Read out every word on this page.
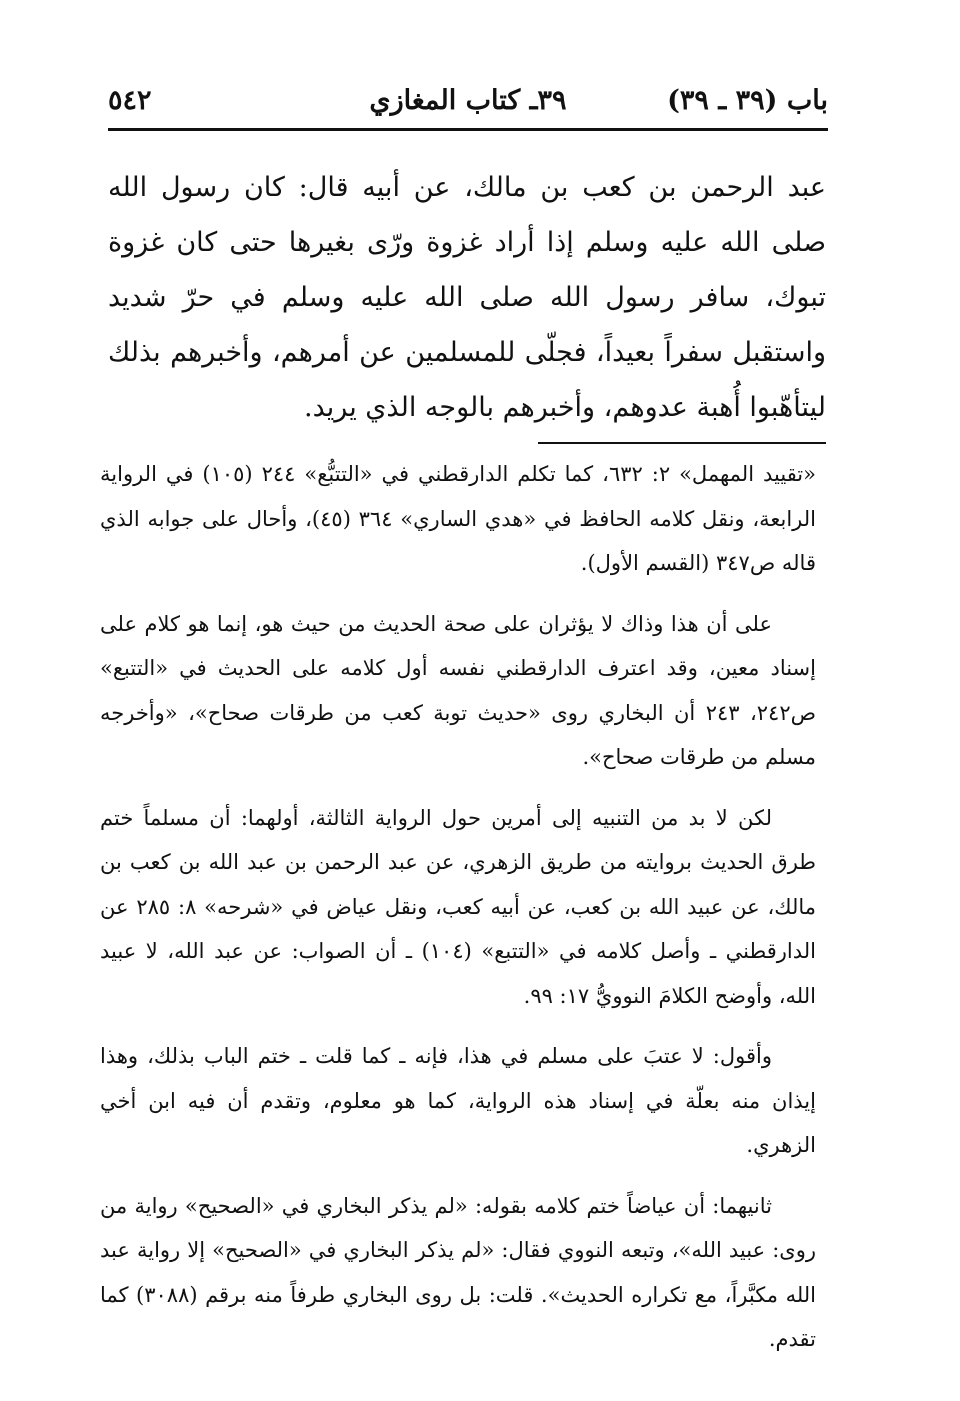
باب (٣٩ ـ ٣٩)
٣٩ـ كتاب المغازي
٥٤٢

عبد الرحمن بن كعب بن مالك، عن أبيه قال: كان رسول الله صلى الله عليه وسلم إذا أراد غزوة ورّى بغيرها حتى كان غزوة تبوك، سافر رسول الله صلى الله عليه وسلم في حرّ شديد واستقبل سفراً بعيداً، فجلّى للمسلمين عن أمرهم، وأخبرهم بذلك ليتأهّبوا أُهبة عدوهم، وأخبرهم بالوجه الذي يريد.

«تقييد المهمل» ٢: ٦٣٢، كما تكلم الدارقطني في «التتبُّع» ٢٤٤ (١٠٥) في الرواية الرابعة، ونقل كلامه الحافظ في «هدي الساري» ٣٦٤ (٤٥)، وأحال على جوابه الذي قاله ص٣٤٧ (القسم الأول).

على أن هذا وذاك لا يؤثران على صحة الحديث من حيث هو، إنما هو كلام على إسناد معين، وقد اعترف الدارقطني نفسه أول كلامه على الحديث في «التتبع» ص٢٤٢، ٢٤٣ أن البخاري روى «حديث توبة كعب من طرقات صحاح»، «وأخرجه مسلم من طرقات صحاح».

لكن لا بد من التنبيه إلى أمرين حول الرواية الثالثة، أولهما: أن مسلماً ختم طرق الحديث بروايته من طريق الزهري، عن عبد الرحمن بن عبد الله بن كعب بن مالك، عن عبيد الله بن كعب، عن أبيه كعب، ونقل عياض في «شرحه» ٨: ٢٨٥ عن الدارقطني ـ وأصل كلامه في «التتبع» (١٠٤) ـ أن الصواب: عن عبد الله، لا عبيد الله، وأوضح الكلامَ النوويُّ ١٧: ٩٩.

وأقول: لا عتبَ على مسلم في هذا، فإنه ـ كما قلت ـ ختم الباب بذلك، وهذا إيذان منه بعلّة في إسناد هذه الرواية، كما هو معلوم، وتقدم أن فيه ابن أخي الزهري.

ثانيهما: أن عياضاً ختم كلامه بقوله: «لم يذكر البخاري في «الصحيح» رواية من روى: عبيد الله»، وتبعه النووي فقال: «لم يذكر البخاري في «الصحيح» إلا رواية عبد الله مكبَّراً، مع تكراره الحديث». قلت: بل روى البخاري طرفاً منه برقم (٣٠٨٨) كما تقدم.
